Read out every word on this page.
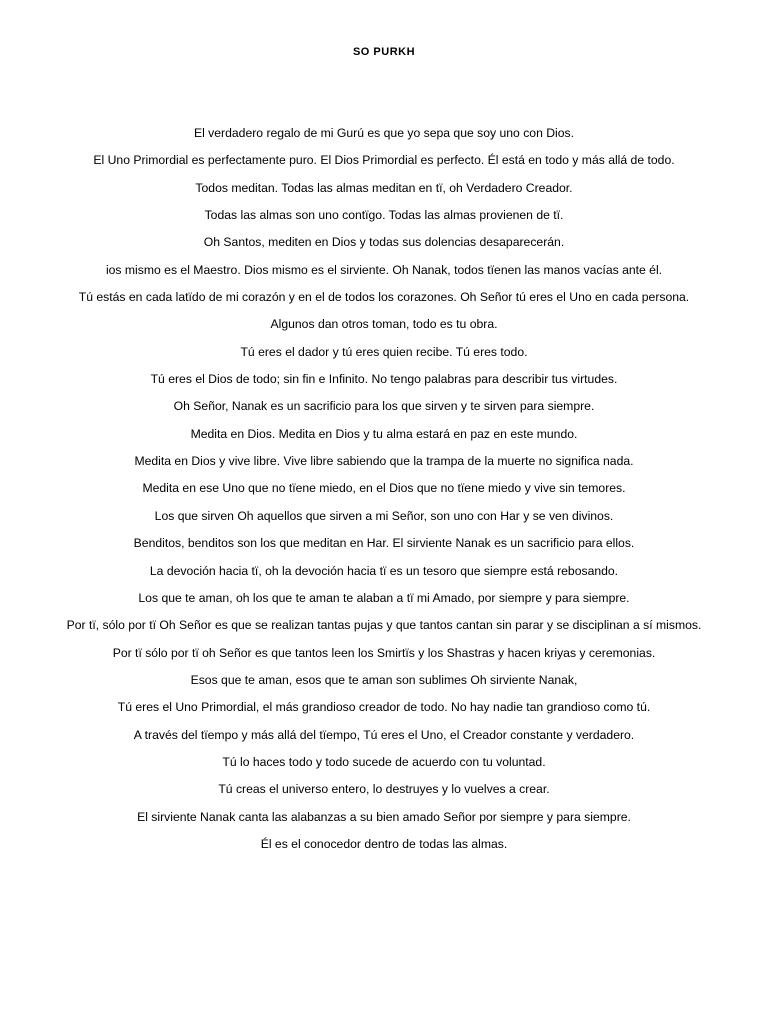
SO PURKH
El verdadero regalo de mi Gurú es que yo sepa que soy uno con Dios.
El Uno Primordial es perfectamente puro. El Dios Primordial es perfecto. Él está en todo y más allá de todo.
Todos meditan. Todas las almas meditan en tï, oh Verdadero Creador.
Todas las almas son uno contïgo. Todas las almas provienen de tï.
Oh Santos, mediten en Dios y todas sus dolencias desaparecerán.
ios mismo es el Maestro. Dios mismo es el sirviente. Oh Nanak, todos tïenen las manos vacías ante él.
Tú estás en cada latïdo de mi corazón y en el de todos los corazones. Oh Señor tú eres el Uno en cada persona.
Algunos dan otros toman, todo es tu obra.
Tú eres el dador y tú eres quien recibe. Tú eres todo.
Tú eres el Dios de todo; sin fin e Infinito. No tengo palabras para describir tus virtudes.
Oh Señor, Nanak es un sacrificio para los que sirven y te sirven para siempre.
Medita en Dios. Medita en Dios y tu alma estará en paz en este mundo.
Medita en Dios y vive libre. Vive libre sabiendo que la trampa de la muerte no significa nada.
Medita en ese Uno que no tïene miedo, en el Dios que no tïene miedo y vive sin temores.
Los que sirven Oh aquellos que sirven a mi Señor, son uno con Har y se ven divinos.
Benditos, benditos son los que meditan en Har. El sirviente Nanak es un sacrificio para ellos.
La devoción hacia tï, oh la devoción hacia tï es un tesoro que siempre está rebosando.
Los que te aman, oh los que te aman te alaban a tï mi Amado, por siempre y para siempre.
Por tï, sólo por tï Oh Señor es que se realizan tantas pujas y que tantos cantan sin parar y se disciplinan a sí mismos.
Por tï sólo por tï oh Señor es que tantos leen los Smirtïs y los Shastras y hacen kriyas y ceremonias.
Esos que te aman, esos que te aman son sublimes Oh sirviente Nanak,
Tú eres el Uno Primordial, el más grandioso creador de todo. No hay nadie tan grandioso como tú.
A través del tïempo y más allá del tïempo, Tú eres el Uno, el Creador constante y verdadero.
Tú lo haces todo y todo sucede de acuerdo con tu voluntad.
Tú creas el universo entero, lo destruyes y lo vuelves a crear.
El sirviente Nanak canta las alabanzas a su bien amado Señor por siempre y para siempre.
Él es el conocedor dentro de todas las almas.
